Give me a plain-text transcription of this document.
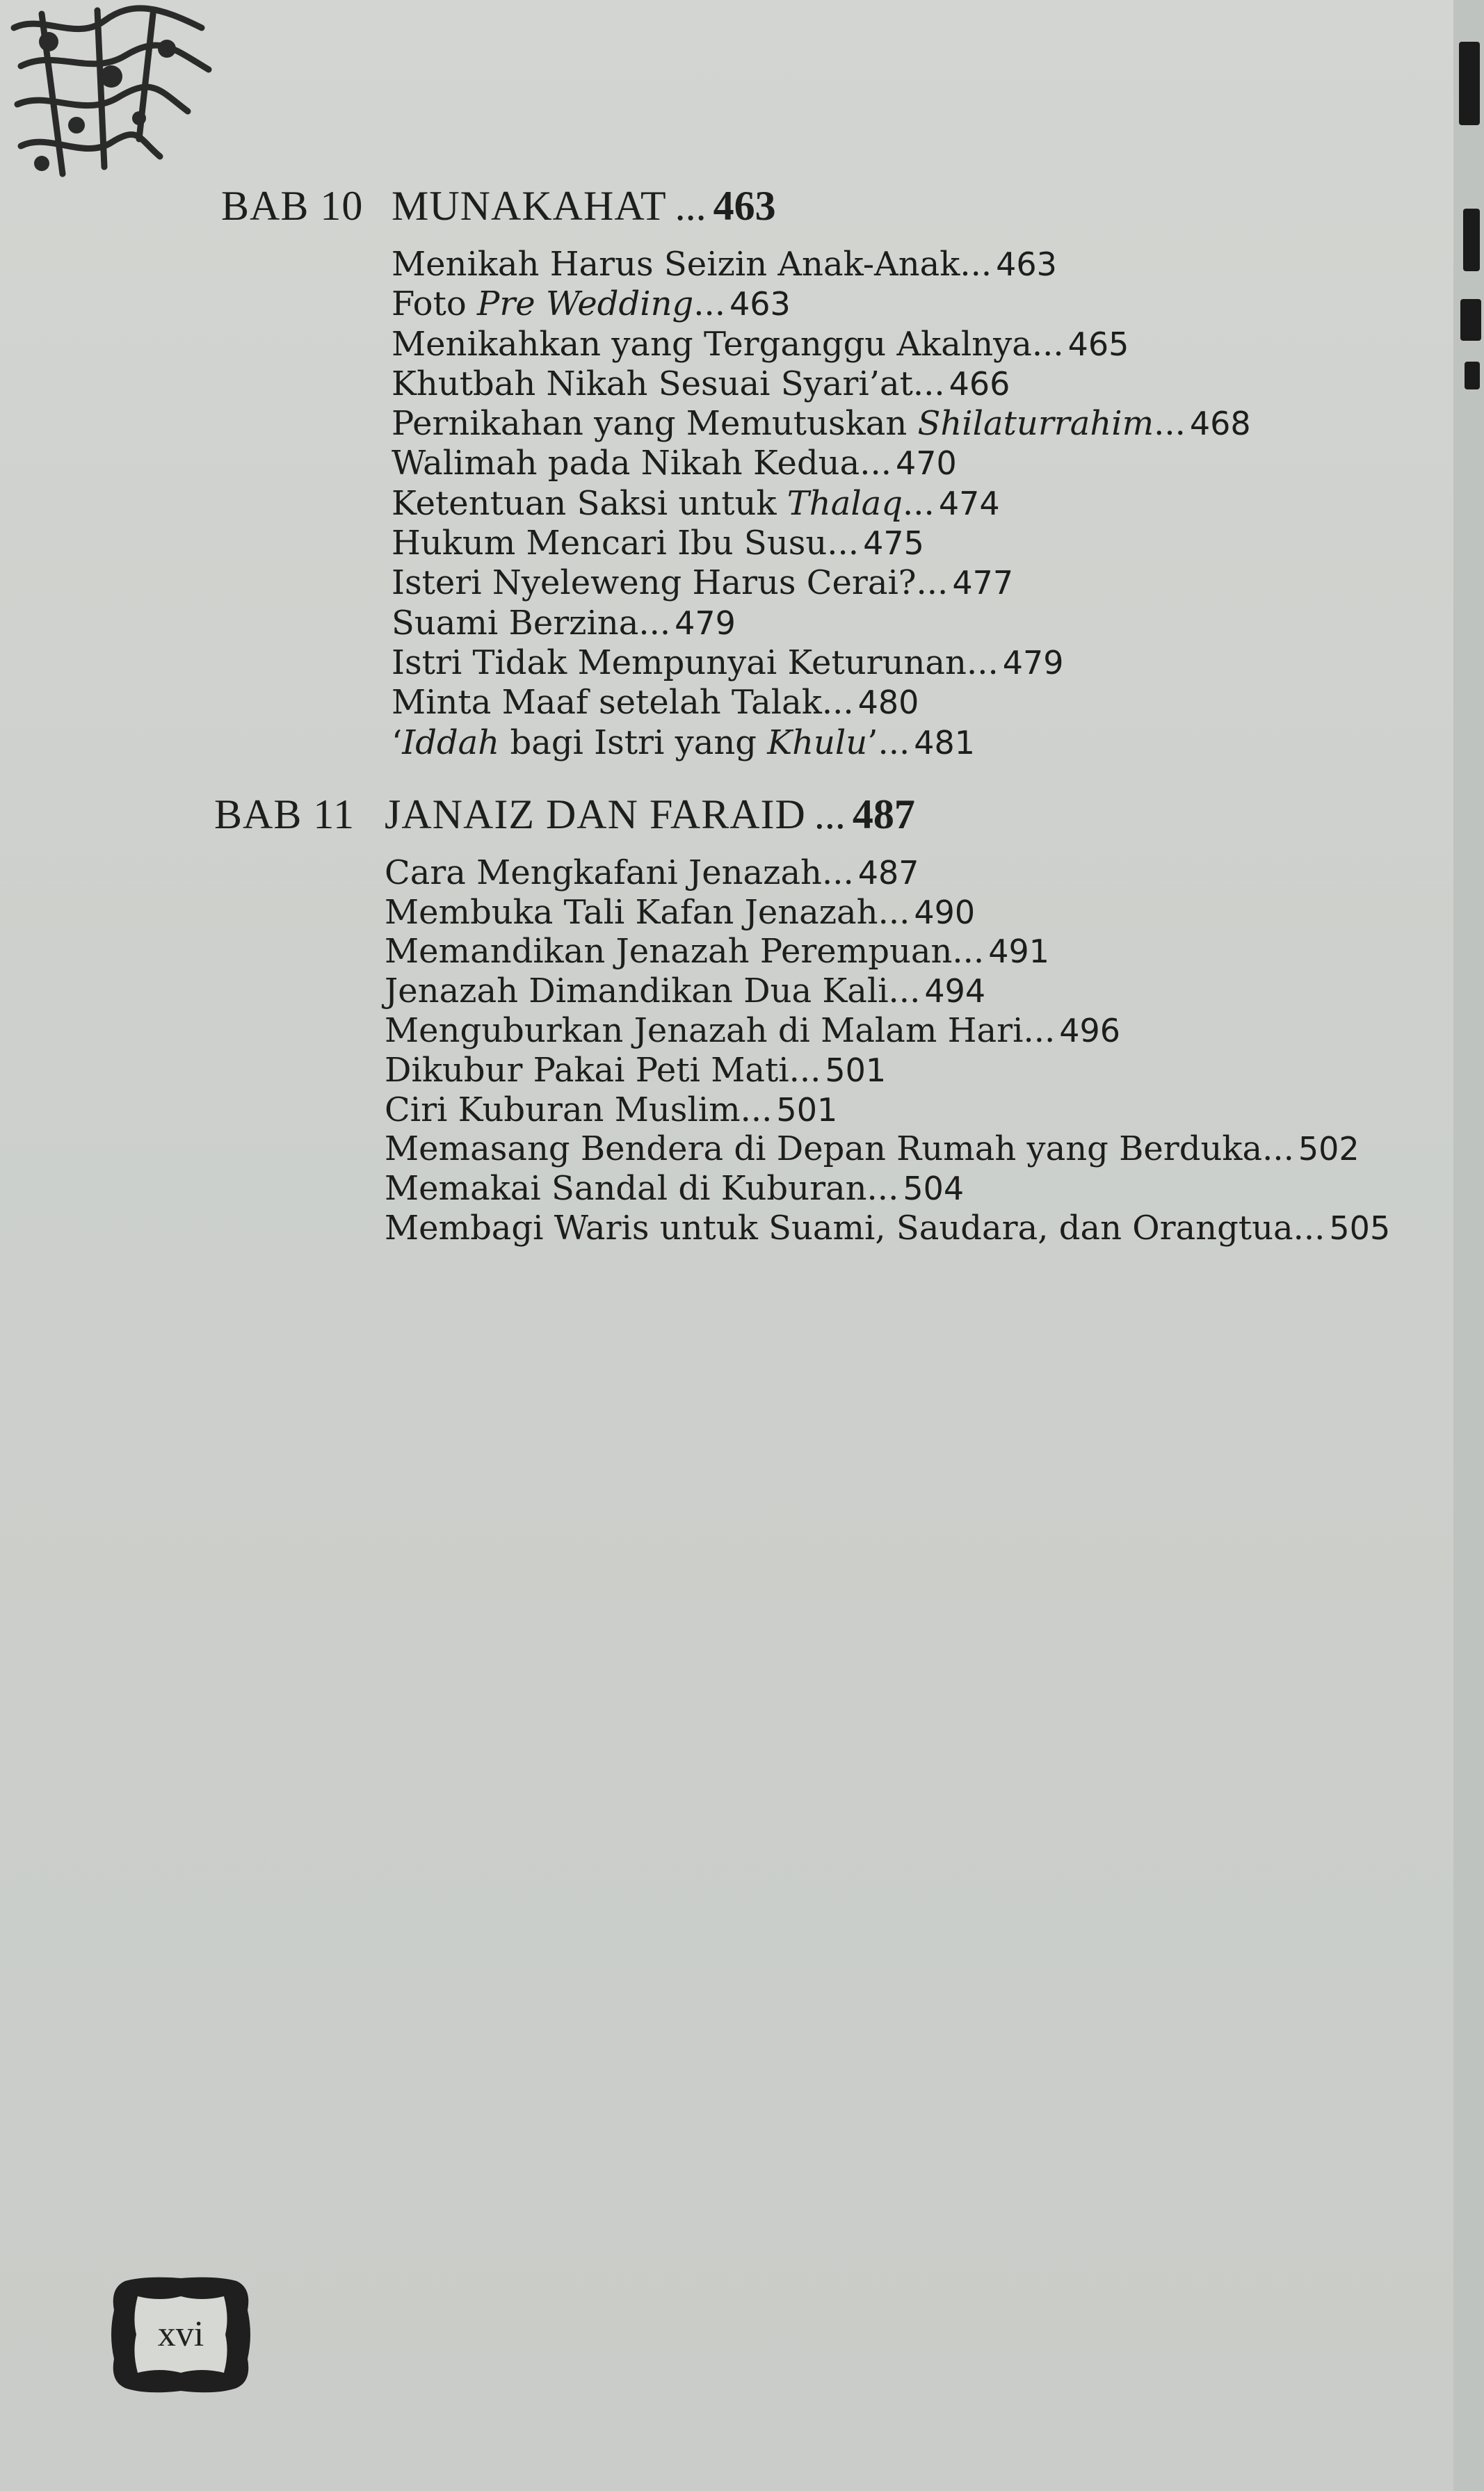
BAB 10 MUNAKAHAT ... 463
Menikah Harus Seizin Anak-Anak... 463
Foto Pre Wedding... 463
Menikahkan yang Terganggu Akalnya... 465
Khutbah Nikah Sesuai Syari’at... 466
Pernikahan yang Memutuskan Shilaturrahim... 468
Walimah pada Nikah Kedua... 470
Ketentuan Saksi untuk Thalaq... 474
Hukum Mencari Ibu Susu... 475
Isteri Nyeleweng Harus Cerai?... 477
Suami Berzina... 479
Istri Tidak Mempunyai Keturunan... 479
Minta Maaf setelah Talak... 480
‘Iddah bagi Istri yang Khulu’... 481
BAB 11 JANAIZ DAN FARAID ... 487
Cara Mengkafani Jenazah... 487
Membuka Tali Kafan Jenazah... 490
Memandikan Jenazah Perempuan... 491
Jenazah Dimandikan Dua Kali... 494
Menguburkan Jenazah di Malam Hari... 496
Dikubur Pakai Peti Mati... 501
Ciri Kuburan Muslim... 501
Memasang Bendera di Depan Rumah yang Berduka... 502
Memakai Sandal di Kuburan... 504
Membagi Waris untuk Suami, Saudara, dan Orangtua... 505
xvi
